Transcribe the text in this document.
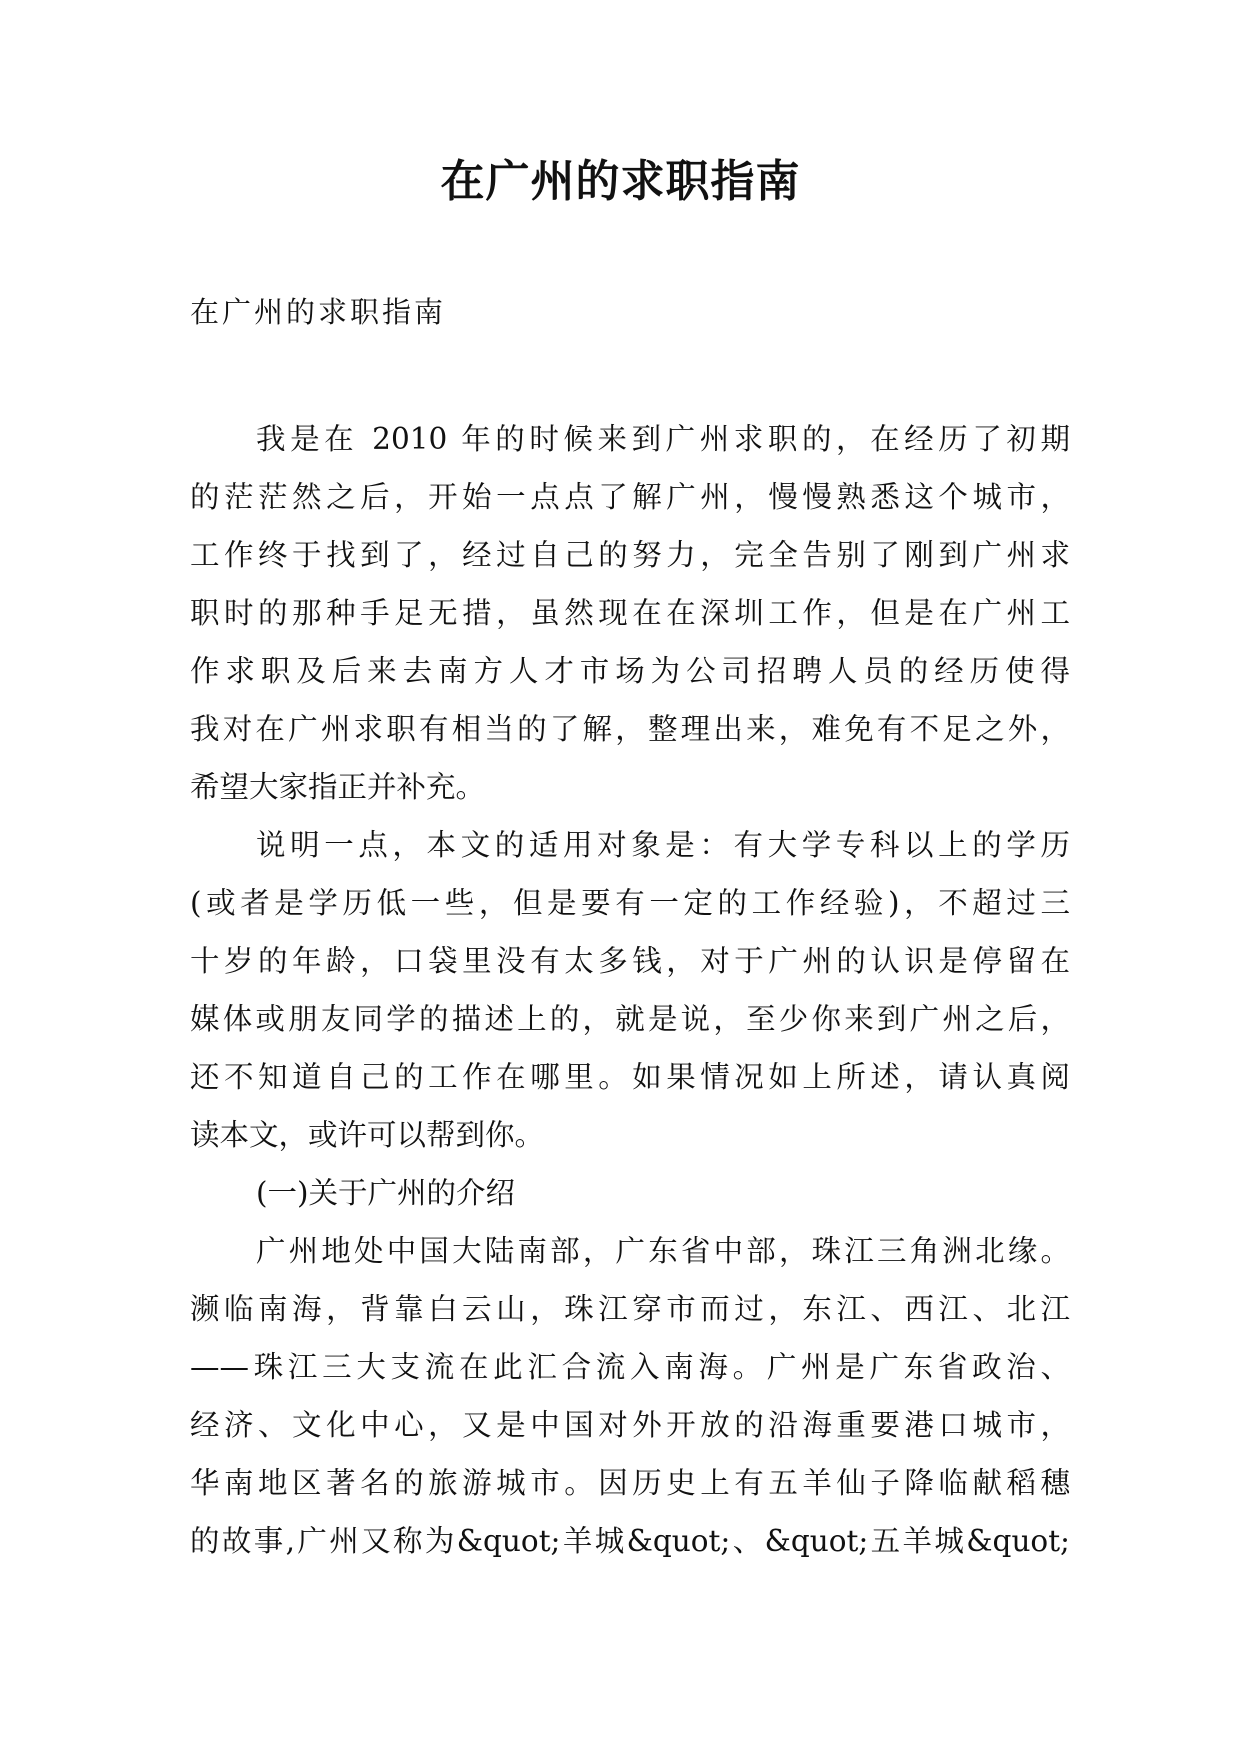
在广州的求职指南
在广州的求职指南
我是在 2010 年的时候来到广州求职的，在经历了初期
的茫茫然之后，开始一点点了解广州，慢慢熟悉这个城市，
工作终于找到了，经过自己的努力，完全告别了刚到广州求
职时的那种手足无措，虽然现在在深圳工作，但是在广州工
作求职及后来去南方人才市场为公司招聘人员的经历使得
我对在广州求职有相当的了解，整理出来，难免有不足之外，
希望大家指正并补充。
说明一点，本文的适用对象是：有大学专科以上的学历
(或者是学历低一些，但是要有一定的工作经验)，不超过三
十岁的年龄，口袋里没有太多钱，对于广州的认识是停留在
媒体或朋友同学的描述上的，就是说，至少你来到广州之后，
还不知道自己的工作在哪里。如果情况如上所述，请认真阅
读本文，或许可以帮到你。
(一)关于广州的介绍
广州地处中国大陆南部，广东省中部，珠江三角洲北缘。
濒临南海，背靠白云山，珠江穿市而过，东江、西江、北江
——珠江三大支流在此汇合流入南海。广州是广东省政治、
经济、文化中心，又是中国对外开放的沿海重要港口城市，
华南地区著名的旅游城市。因历史上有五羊仙子降临献稻穗
的故事,广州又称为&quot;羊城&quot;、&quot;五羊城&quot;
